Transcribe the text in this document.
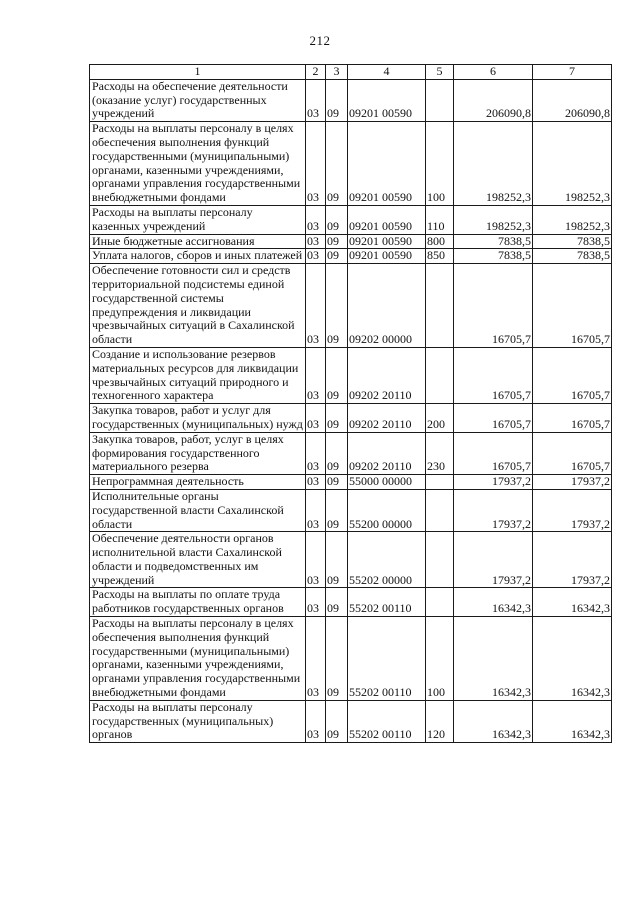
212
1	2	3	4	5	6	7
Расходы на обеспечение деятельности (оказание услуг) государственных учреждений	03	09	09201 00590		206090,8	206090,8
Расходы на выплаты персоналу в целях обеспечения выполнения функций государственными (муниципальными) органами, казенными учреждениями, органами управления государственными внебюджетными фондами	03	09	09201 00590	100	198252,3	198252,3
Расходы на выплаты персоналу казенных учреждений	03	09	09201 00590	110	198252,3	198252,3
Иные бюджетные ассигнования	03	09	09201 00590	800	7838,5	7838,5
Уплата налогов, сборов и иных платежей	03	09	09201 00590	850	7838,5	7838,5
Обеспечение готовности сил и средств территориальной подсистемы единой государственной системы предупреждения и ликвидации чрезвычайных ситуаций в Сахалинской области	03	09	09202 00000		16705,7	16705,7
Создание и использование резервов материальных ресурсов для ликвидации чрезвычайных ситуаций природного и техногенного характера	03	09	09202 20110		16705,7	16705,7
Закупка товаров, работ и услуг для государственных (муниципальных) нужд	03	09	09202 20110	200	16705,7	16705,7
Закупка товаров, работ, услуг в целях формирования государственного материального резерва	03	09	09202 20110	230	16705,7	16705,7
Непрограммная деятельность	03	09	55000 00000		17937,2	17937,2
Исполнительные органы государственной власти Сахалинской области	03	09	55200 00000		17937,2	17937,2
Обеспечение деятельности органов исполнительной власти Сахалинской области и подведомственных им учреждений	03	09	55202 00000		17937,2	17937,2
Расходы на выплаты по оплате труда работников государственных органов	03	09	55202 00110		16342,3	16342,3
Расходы на выплаты персоналу в целях обеспечения выполнения функций государственными (муниципальными) органами, казенными учреждениями, органами управления государственными внебюджетными фондами	03	09	55202 00110	100	16342,3	16342,3
Расходы на выплаты персоналу государственных (муниципальных) органов	03	09	55202 00110	120	16342,3	16342,3
